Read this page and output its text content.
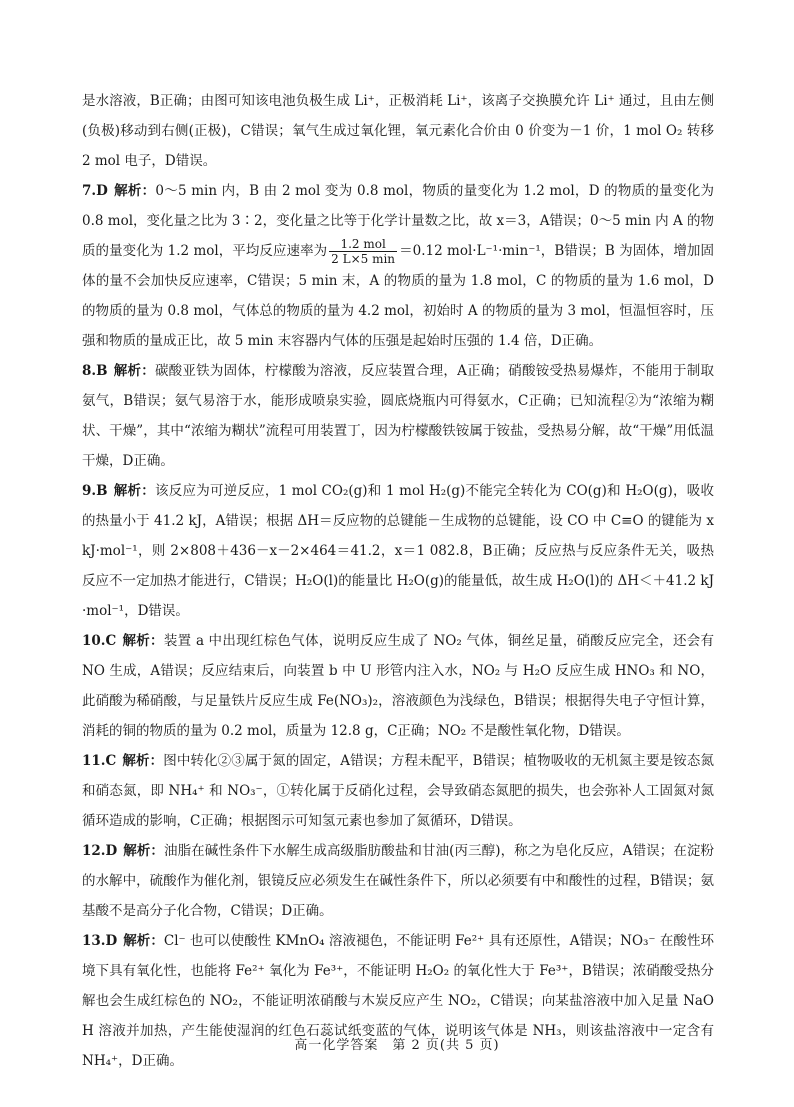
是水溶液，B正确；由图可知该电池负极生成 Li⁺，正极消耗 Li⁺，该离子交换膜允许 Li⁺ 通过，且由左侧(负极)移动到右侧(正极)，C错误；氧气生成过氧化锂，氧元素化合价由 0 价变为－1 价，1 mol O₂ 转移 2 mol 电子，D错误。

7.D 解析：0～5 min 内，B 由 2 mol 变为 0.8 mol，物质的量变化为 1.2 mol，D 的物质的量变化为 0.8 mol，变化量之比为 3∶2，变化量之比等于化学计量数之比，故 x＝3，A错误；0～5 min 内 A 的物质的量变化为 1.2 mol，平均反应速率为 $\frac{\text{1.2 mol}}{2 L\times 5 \min} =0.12$ mol·L⁻¹·min⁻¹，B错误；B 为固体，增加固体的量不会加快反应速率，C错误；5 min 末，A 的物质的量为 1.8 mol，C 的物质的量为 1.6 mol，D 的物质的量为 0.8 mol，气体总的物质的量为 4.2 mol，初始时 A 的物质的量为 3 mol，恒温恒容时，压强和物质的量成正比，故 5 min 末容器内气体的压强是起始时压强的 1.4 倍，D正确。

8.B 解析：碳酸亚铁为固体，柠檬酸为溶液，反应装置合理，A正确；硝酸铵受热易爆炸，不能用于制取氨气，B错误；氨气易溶于水，能形成喷泉实验，圆底烧瓶内可得氨水，C正确；已知流程②为“浓缩为糊状、干燥”，其中“浓缩为糊状”流程可用装置丁，因为柠檬酸铁铵属于铵盐，受热易分解，故“干燥”用低温干燥，D正确。

9.B 解析：该反应为可逆反应，1 mol CO₂(g)和 1 mol H₂(g)不能完全转化为 CO(g)和 H₂O(g)，吸收的热量小于 41.2 kJ，A错误；根据 ΔH＝反应物的总键能－生成物的总键能，设 CO 中 C≡O 的键能为 x kJ·mol⁻¹，则 2×808＋436－x－2×464＝41.2，x＝1 082.8，B正确；反应热与反应条件无关，吸热反应不一定加热才能进行，C错误；H₂O(l)的能量比 H₂O(g)的能量低，故生成 H₂O(l)的 ΔH＜＋41.2 kJ·mol⁻¹，D错误。

10.C 解析：装置 a 中出现红棕色气体，说明反应生成了 NO₂ 气体，铜丝足量，硝酸反应完全，还会有 NO 生成，A错误；反应结束后，向装置 b 中 U 形管内注入水，NO₂ 与 H₂O 反应生成 HNO₃ 和 NO，此硝酸为稀硝酸，与足量铁片反应生成 Fe(NO₃)₂，溶液颜色为浅绿色，B错误；根据得失电子守恒计算，消耗的铜的物质的量为 0.2 mol，质量为 12.8 g，C正确；NO₂ 不是酸性氧化物，D错误。

11.C 解析：图中转化②③属于氮的固定，A错误；方程未配平，B错误；植物吸收的无机氮主要是铵态氮和硝态氮，即 NH₄⁺ 和 NO₃⁻，①转化属于反硝化过程，会导致硝态氮肥的损失，也会弥补人工固氮对氮循环造成的影响，C正确；根据图示可知氢元素也参加了氮循环，D错误。

12.D 解析：油脂在碱性条件下水解生成高级脂肪酸盐和甘油(丙三醇)，称之为皂化反应，A错误；在淀粉的水解中，硫酸作为催化剂，银镜反应必须发生在碱性条件下，所以必须要有中和酸性的过程，B错误；氨基酸不是高分子化合物，C错误；D正确。

13.D 解析：Cl⁻ 也可以使酸性 KMnO₄ 溶液褪色，不能证明 Fe²⁺ 具有还原性，A错误；NO₃⁻ 在酸性环境下具有氧化性，也能将 Fe²⁺ 氧化为 Fe³⁺，不能证明 H₂O₂ 的氧化性大于 Fe³⁺，B错误；浓硝酸受热分解也会生成红棕色的 NO₂，不能证明浓硝酸与木炭反应产生 NO₂，C错误；向某盐溶液中加入足量 NaOH 溶液并加热，产生能使湿润的红色石蕊试纸变蓝的气体，说明该气体是 NH₃，则该盐溶液中一定含有 NH₄⁺，D正确。

高一化学答案　第 2 页(共 5 页)
